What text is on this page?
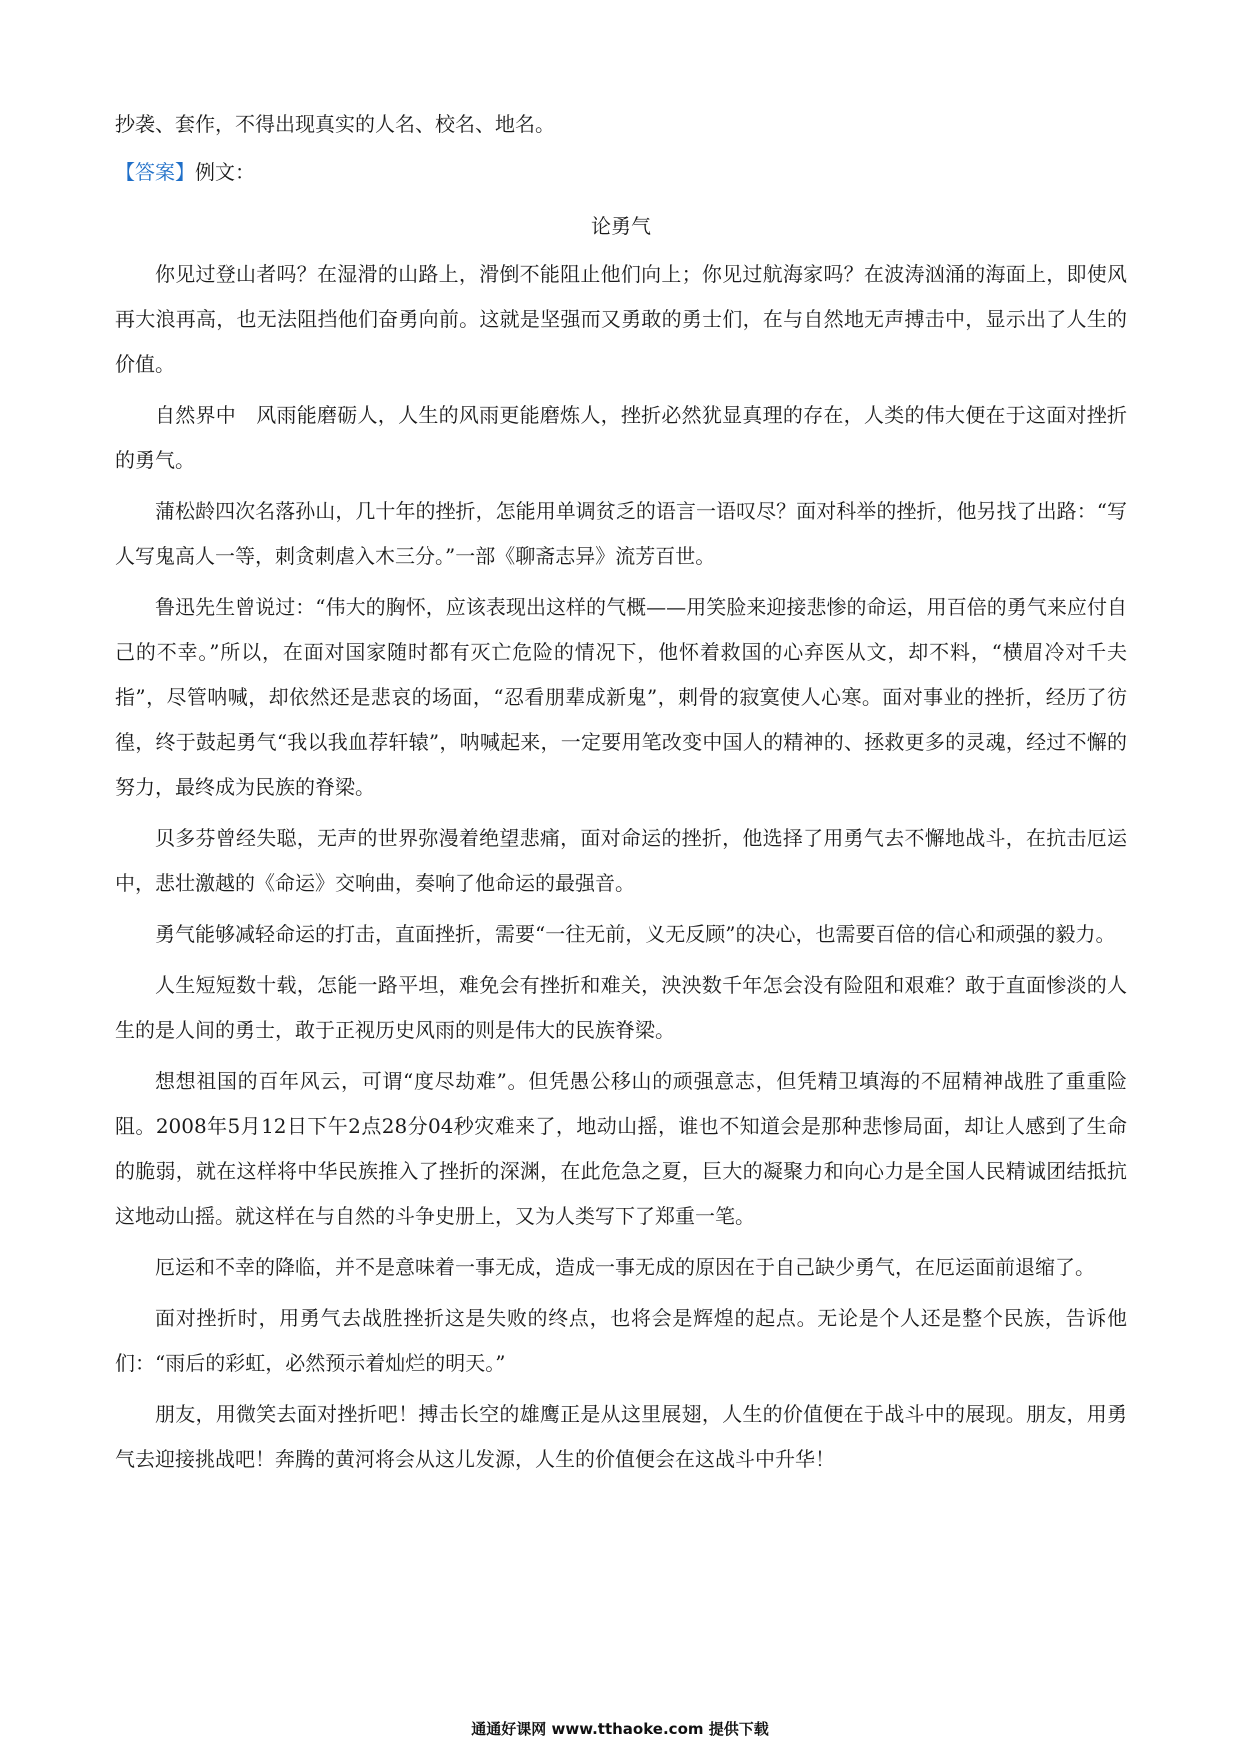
抄袭、套作，不得出现真实的人名、校名、地名。

【答案】例文：

论勇气

你见过登山者吗？在湿滑的山路上，滑倒不能阻止他们向上；你见过航海家吗？在波涛汹涌的海面上，即使风再大浪再高，也无法阻挡他们奋勇向前。这就是坚强而又勇敢的勇士们，在与自然地无声搏击中，显示出了人生的价值。

自然界中　风雨能磨砺人，人生的风雨更能磨炼人，挫折必然犹显真理的存在，人类的伟大便在于这面对挫折的勇气。

蒲松龄四次名落孙山，几十年的挫折，怎能用单调贫乏的语言一语叹尽？面对科举的挫折，他另找了出路：“写人写鬼高人一等，刺贪刺虐入木三分。”一部《聊斋志异》流芳百世。

鲁迅先生曾说过：“伟大的胸怀，应该表现出这样的气概——用笑脸来迎接悲惨的命运，用百倍的勇气来应付自己的不幸。”所以，在面对国家随时都有灭亡危险的情况下，他怀着救国的心弃医从文，却不料，“横眉冷对千夫指”，尽管呐喊，却依然还是悲哀的场面，“忍看朋辈成新鬼”，刺骨的寂寞使人心寒。面对事业的挫折，经历了彷徨，终于鼓起勇气“我以我血荐轩辕”，呐喊起来，一定要用笔改变中国人的精神的、拯救更多的灵魂，经过不懈的努力，最终成为民族的脊梁。

贝多芬曾经失聪，无声的世界弥漫着绝望悲痛，面对命运的挫折，他选择了用勇气去不懈地战斗，在抗击厄运中，悲壮激越的《命运》交响曲，奏响了他命运的最强音。

勇气能够减轻命运的打击，直面挫折，需要“一往无前，义无反顾”的决心，也需要百倍的信心和顽强的毅力。

人生短短数十载，怎能一路平坦，难免会有挫折和难关，泱泱数千年怎会没有险阻和艰难？敢于直面惨淡的人生的是人间的勇士，敢于正视历史风雨的则是伟大的民族脊梁。

想想祖国的百年风云，可谓“度尽劫难”。但凭愚公移山的顽强意志，但凭精卫填海的不屈精神战胜了重重险阻。2008年5月12日下午2点28分04秒灾难来了，地动山摇，谁也不知道会是那种悲惨局面，却让人感到了生命的脆弱，就在这样将中华民族推入了挫折的深渊，在此危急之夏，巨大的凝聚力和向心力是全国人民精诚团结抵抗这地动山摇。就这样在与自然的斗争史册上，又为人类写下了郑重一笔。

厄运和不幸的降临，并不是意味着一事无成，造成一事无成的原因在于自己缺少勇气，在厄运面前退缩了。

面对挫折时，用勇气去战胜挫折这是失败的终点，也将会是辉煌的起点。无论是个人还是整个民族，告诉他们：“雨后的彩虹，必然预示着灿烂的明天。”

朋友，用微笑去面对挫折吧！搏击长空的雄鹰正是从这里展翅，人生的价值便在于战斗中的展现。朋友，用勇气去迎接挑战吧！奔腾的黄河将会从这儿发源，人生的价值便会在这战斗中升华！

通通好课网 www.tthaoke.com 提供下载
